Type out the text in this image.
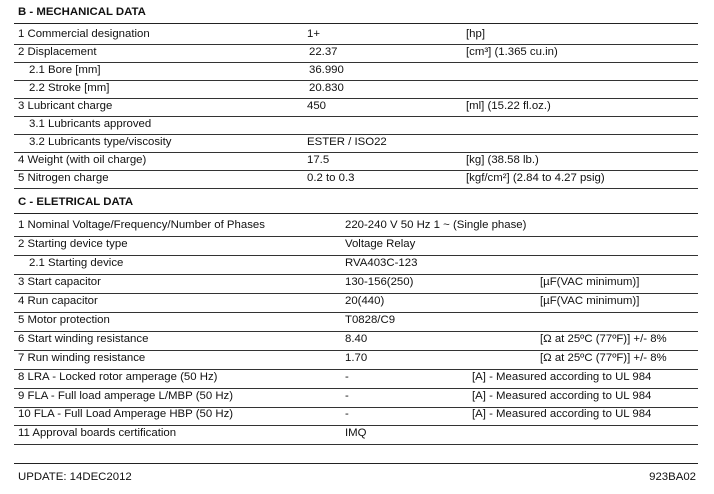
B - MECHANICAL DATA
1 Commercial designation	1+	[hp]
2 Displacement	22.37	[cm³] (1.365 cu.in)
2.1 Bore [mm]	36.990
2.2 Stroke [mm]	20.830
3 Lubricant charge	450	[ml] (15.22 fl.oz.)
3.1 Lubricants approved
3.2 Lubricants type/viscosity	ESTER / ISO22
4 Weight (with oil charge)	17.5	[kg] (38.58 lb.)
5 Nitrogen charge	0.2 to 0.3	[kgf/cm²] (2.84 to 4.27 psig)
C - ELETRICAL DATA
1 Nominal Voltage/Frequency/Number of Phases	220-240 V 50 Hz 1 ~ (Single phase)
2 Starting device type	Voltage Relay
2.1 Starting device	RVA403C-123
3 Start capacitor	130-156(250)	[µF(VAC minimum)]
4 Run capacitor	20(440)	[µF(VAC minimum)]
5 Motor protection	T0828/C9
6 Start winding resistance	8.40	[Ω at 25ºC (77ºF)] +/- 8%
7 Run winding resistance	1.70	[Ω at 25ºC (77ºF)] +/- 8%
8 LRA - Locked rotor amperage (50 Hz)	-	[A] - Measured according to UL 984
9 FLA - Full load amperage L/MBP (50 Hz)	-	[A] - Measured according to UL 984
10 FLA - Full Load Amperage HBP (50 Hz)	-	[A] - Measured according to UL 984
11 Approval boards certification	IMQ
UPDATE: 14DEC2012	923BA02
